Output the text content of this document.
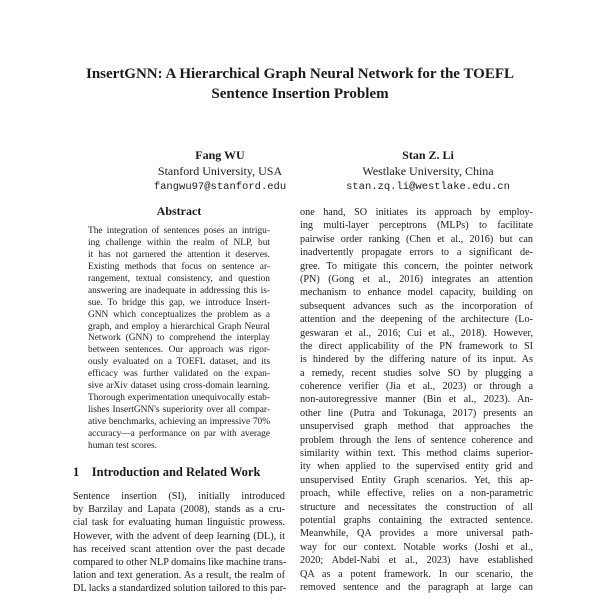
InsertGNN: A Hierarchical Graph Neural Network for the TOEFL
Sentence Insertion Problem
Fang WU
Stanford University, USA
fangwu97@stanford.edu
Stan Z. Li
Westlake University, China
stan.zq.li@westlake.edu.cn
Abstract
The integration of sentences poses an intrigu-
ing challenge within the realm of NLP, but
it has not garnered the attention it deserves.
Existing methods that focus on sentence ar-
rangement, textual consistency, and question
answering are inadequate in addressing this is-
sue. To bridge this gap, we introduce Insert-
GNN which conceptualizes the problem as a
graph, and employ a hierarchical Graph Neural
Network (GNN) to comprehend the interplay
between sentences. Our approach was rigor-
ously evaluated on a TOEFL dataset, and its
efficacy was further validated on the expan-
sive arXiv dataset using cross-domain learning.
Thorough experimentation unequivocally estab-
lishes InsertGNN's superiority over all compar-
ative benchmarks, achieving an impressive 70%
accuracy—a performance on par with average
human test scores.
1 Introduction and Related Work
Sentence insertion (SI), initially introduced
by Barzilay and Lapata (2008), stands as a cru-
cial task for evaluating human linguistic prowess.
However, with the advent of deep learning (DL), it
has received scant attention over the past decade
compared to other NLP domains like machine trans-
lation and text generation. As a result, the realm of
DL lacks a standardized solution tailored to this par-
one hand, SO initiates its approach by employ-
ing multi-layer perceptrons (MLPs) to facilitate
pairwise order ranking (Chen et al., 2016) but can
inadvertently propagate errors to a significant de-
gree. To mitigate this concern, the pointer network
(PN) (Gong et al., 2016) integrates an attention
mechanism to enhance model capacity, building on
subsequent advances such as the incorporation of
attention and the deepening of the architecture (Lo-
geswaran et al., 2016; Cui et al., 2018). However,
the direct applicability of the PN framework to SI
is hindered by the differing nature of its input. As
a remedy, recent studies solve SO by plugging a
coherence verifier (Jia et al., 2023) or through a
non-autoregressive manner (Bin et al., 2023). An-
other line (Putra and Tokunaga, 2017) presents an
unsupervised graph method that approaches the
problem through the lens of sentence coherence and
similarity within text. This method claims superior-
ity when applied to the supervised entity grid and
unsupervised Entity Graph scenarios. Yet, this ap-
proach, while effective, relies on a non-parametric
structure and necessitates the construction of all
potential graphs containing the extracted sentence.
Meanwhile, QA provides a more universal path-
way for our context. Notable works (Joshi et al.,
2020; Abdel-Nabi et al., 2023) have established
QA as a potent framework. In our scenario, the
removed sentence and the paragraph at large can
